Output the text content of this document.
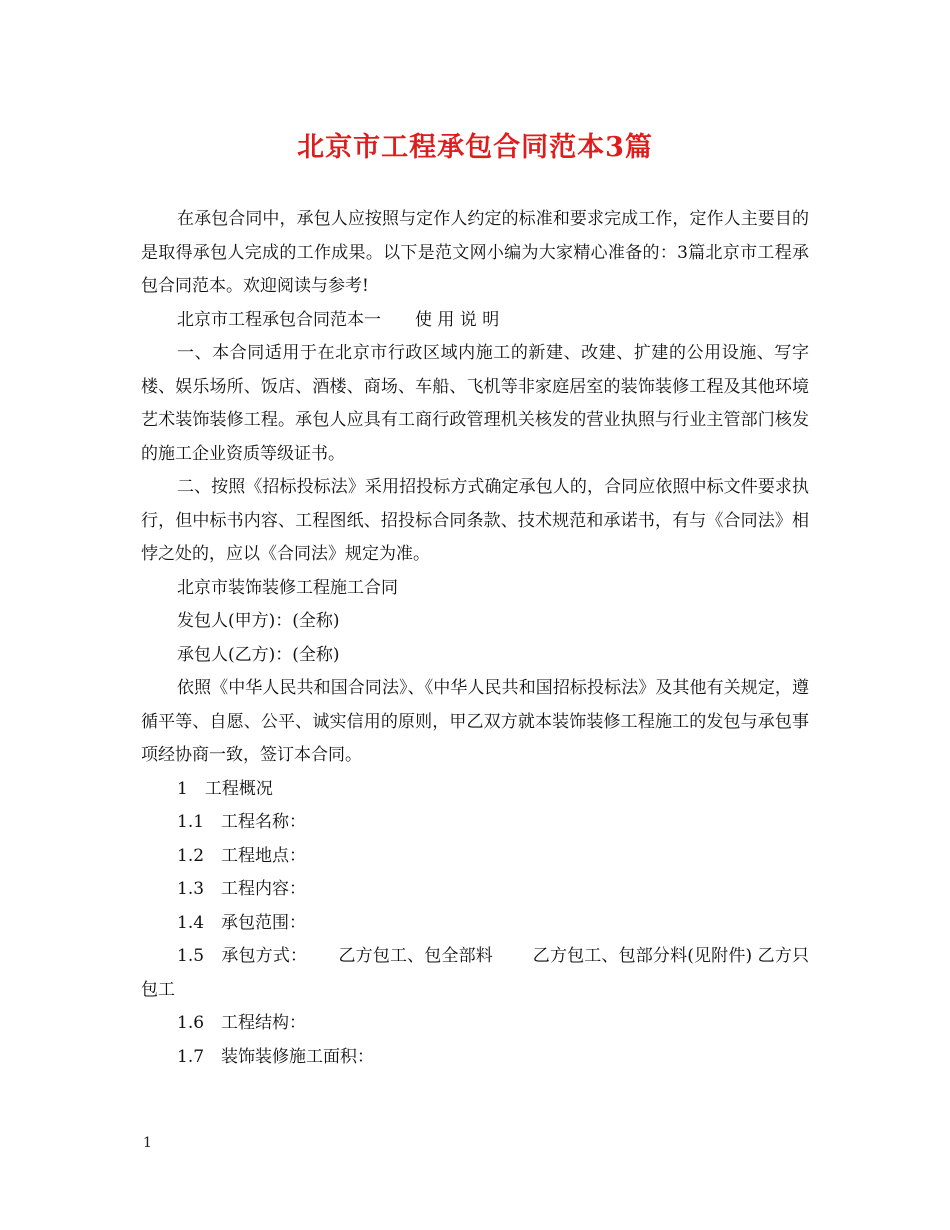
北京市工程承包合同范本3篇

在承包合同中，承包人应按照与定作人约定的标准和要求完成工作，定作人主要目的是取得承包人完成的工作成果。以下是范文网小编为大家精心准备的：3篇北京市工程承包合同范本。欢迎阅读与参考!

北京市工程承包合同范本一　　使 用 说 明

一、本合同适用于在北京市行政区域内施工的新建、改建、扩建的公用设施、写字楼、娱乐场所、饭店、酒楼、商场、车船、飞机等非家庭居室的装饰装修工程及其他环境艺术装饰装修工程。承包人应具有工商行政管理机关核发的营业执照与行业主管部门核发的施工企业资质等级证书。

二、按照《招标投标法》采用招投标方式确定承包人的，合同应依照中标文件要求执行，但中标书内容、工程图纸、招投标合同条款、技术规范和承诺书，有与《合同法》相悖之处的，应以《合同法》规定为准。

北京市装饰装修工程施工合同

发包人(甲方)：(全称)

承包人(乙方)：(全称)

依照《中华人民共和国合同法》、《中华人民共和国招标投标法》及其他有关规定，遵循平等、自愿、公平、诚实信用的原则，甲乙双方就本装饰装修工程施工的发包与承包事项经协商一致，签订本合同。

1　工程概况

1.1　工程名称：

1.2　工程地点：

1.3　工程内容：

1.4　承包范围：

1.5　承包方式：　　 乙方包工、包全部料　　 乙方包工、包部分料(见附件) 乙方只包工

1.6　工程结构：

1.7　装饰装修施工面积：

1
